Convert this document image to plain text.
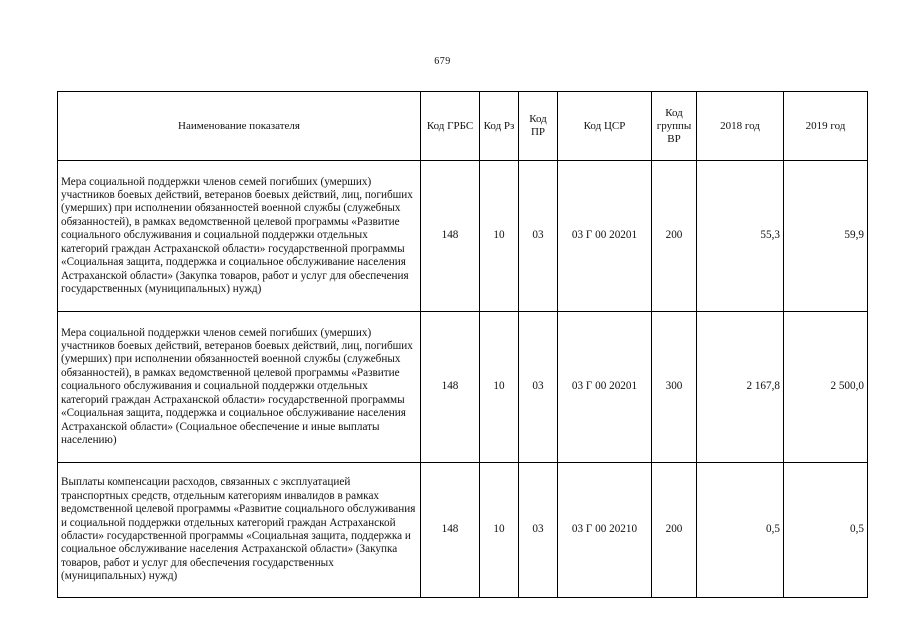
679
Наименование показателя	Код ГРБС	Код Рз	Код ПР	Код ЦСР	Код группы ВР	2018 год	2019 год
Мера социальной поддержки членов семей погибших (умерших) участников боевых действий, ветеранов боевых действий, лиц, погибших (умерших) при исполнении обязанностей военной службы (служебных обязанностей), в рамках ведомственной целевой программы «Развитие социального обслуживания и социальной поддержки отдельных категорий граждан Астраханской области» государственной программы «Социальная защита, поддержка и социальное обслуживание населения Астраханской области» (Закупка товаров, работ и услуг для обеспечения государственных (муниципальных) нужд)	148	10	03	03 Г 00 20201	200	55,3	59,9
Мера социальной поддержки членов семей погибших (умерших) участников боевых действий, ветеранов боевых действий, лиц, погибших (умерших) при исполнении обязанностей военной службы (служебных обязанностей), в рамках ведомственной целевой программы «Развитие социального обслуживания и социальной поддержки отдельных категорий граждан Астраханской области» государственной программы «Социальная защита, поддержка и социальное обслуживание населения Астраханской области» (Социальное обеспечение и иные выплаты населению)	148	10	03	03 Г 00 20201	300	2 167,8	2 500,0
Выплаты компенсации расходов, связанных с эксплуатацией транспортных средств, отдельным категориям инвалидов в рамках ведомственной целевой программы «Развитие социального обслуживания и социальной поддержки отдельных категорий граждан Астраханской области» государственной программы «Социальная защита, поддержка и социальное обслуживание населения Астраханской области» (Закупка товаров, работ и услуг для обеспечения государственных (муниципальных) нужд)	148	10	03	03 Г 00 20210	200	0,5	0,5
